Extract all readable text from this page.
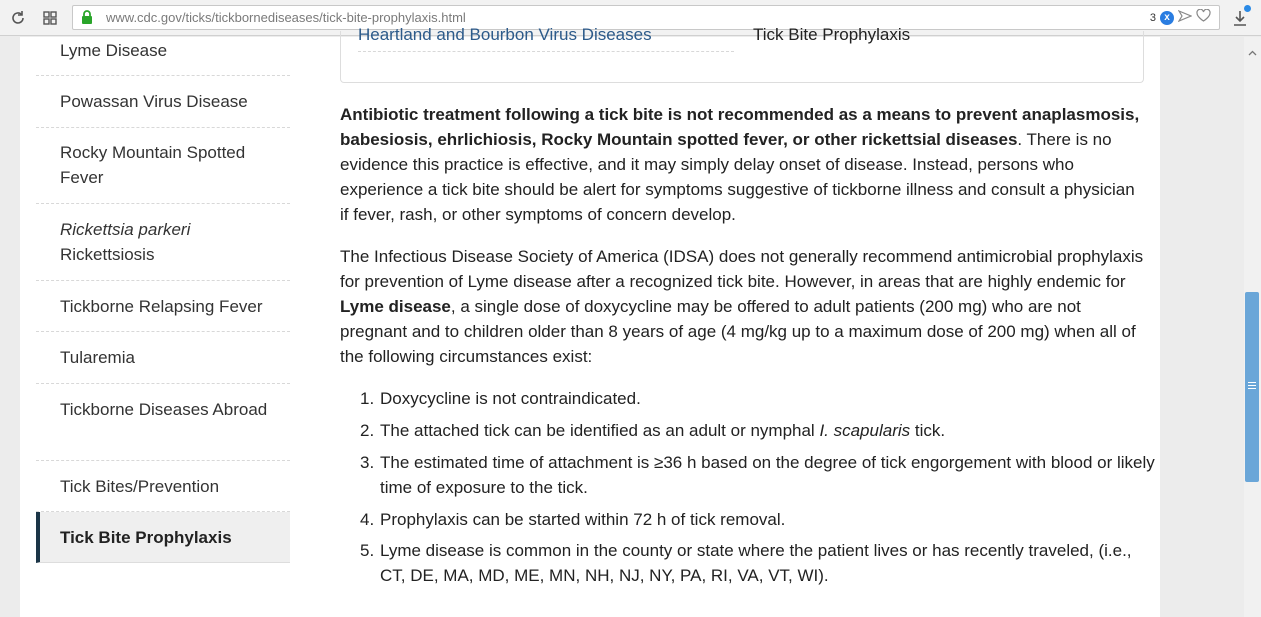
www.cdc.gov/ticks/tickbornediseases/tick-bite-prophylaxis.html	3 x
Lyme Disease
Powassan Virus Disease
Rocky Mountain Spotted Fever
Rickettsia parkeri
Rickettsiosis
Tickborne Relapsing Fever
Tularemia
Tickborne Diseases Abroad
Tick Bites/Prevention
Tick Bite Prophylaxis
Heartland and Bourbon Virus Diseases	Tick Bite Prophylaxis

Antibiotic treatment following a tick bite is not recommended as a means to prevent anaplasmosis, babesiosis, ehrlichiosis, Rocky Mountain spotted fever, or other rickettsial diseases. There is no evidence this practice is effective, and it may simply delay onset of disease. Instead, persons who experience a tick bite should be alert for symptoms suggestive of tickborne illness and consult a physician if fever, rash, or other symptoms of concern develop.

The Infectious Disease Society of America (IDSA) does not generally recommend antimicrobial prophylaxis for prevention of Lyme disease after a recognized tick bite. However, in areas that are highly endemic for Lyme disease, a single dose of doxycycline may be offered to adult patients (200 mg) who are not pregnant and to children older than 8 years of age (4 mg/kg up to a maximum dose of 200 mg) when all of the following circumstances exist:

1. Doxycycline is not contraindicated.
2. The attached tick can be identified as an adult or nymphal I. scapularis tick.
3. The estimated time of attachment is ≥36 h based on the degree of tick engorgement with blood or likely time of exposure to the tick.
4. Prophylaxis can be started within 72 h of tick removal.
5. Lyme disease is common in the county or state where the patient lives or has recently traveled, (i.e., CT, DE, MA, MD, ME, MN, NH, NJ, NY, PA, RI, VA, VT, WI).
